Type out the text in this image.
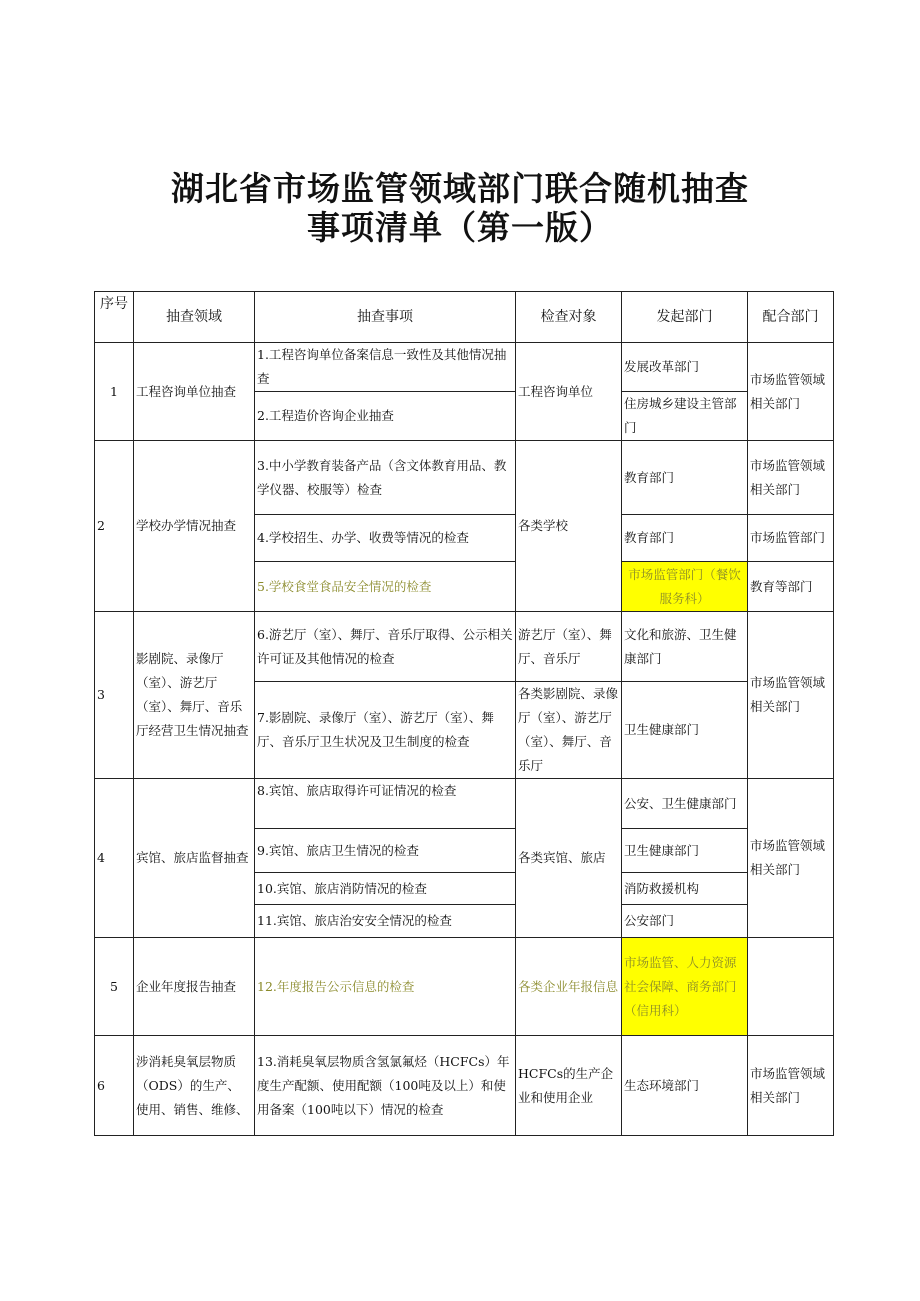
湖北省市场监管领域部门联合随机抽查
事项清单（第一版）
序号	抽查领域	抽查事项	检查对象	发起部门	配合部门
1	工程咨询单位抽查	1.工程咨询单位备案信息一致性及其他情况抽查	工程咨询单位	发展改革部门	市场监管领域相关部门
		2.工程造价咨询企业抽查		住房城乡建设主管部门	
2	学校办学情况抽查	3.中小学教育装备产品（含文体教育用品、教学仪器、校服等）检查	各类学校	教育部门	市场监管领域相关部门
		4.学校招生、办学、收费等情况的检查		教育部门	市场监管部门
		5.学校食堂食品安全情况的检查		市场监管部门（餐饮服务科）	教育等部门
3	影剧院、录像厅（室）、游艺厅（室）、舞厅、音乐厅经营卫生情况抽查	6.游艺厅（室）、舞厅、音乐厅取得、公示相关许可证及其他情况的检查	游艺厅（室）、舞厅、音乐厅	文化和旅游、卫生健康部门	市场监管领域相关部门
		7.影剧院、录像厅（室）、游艺厅（室）、舞厅、音乐厅卫生状况及卫生制度的检查	各类影剧院、录像厅（室）、游艺厅（室）、舞厅、音乐厅	卫生健康部门	
4	宾馆、旅店监督抽查	8.宾馆、旅店取得许可证情况的检查	各类宾馆、旅店	公安、卫生健康部门	市场监管领域相关部门
		9.宾馆、旅店卫生情况的检查		卫生健康部门	
		10.宾馆、旅店消防情况的检查		消防救援机构	
		11.宾馆、旅店治安安全情况的检查		公安部门	
5	企业年度报告抽查	12.年度报告公示信息的检查	各类企业年报信息	市场监管、人力资源社会保障、商务部门（信用科）	
6	涉消耗臭氧层物质（ODS）的生产、使用、销售、维修、	13.消耗臭氧层物质含氢氯氟烃（HCFCs）年度生产配额、使用配额（100吨及以上）和使用备案（100吨以下）情况的检查	HCFCs的生产企业和使用企业	生态环境部门	市场监管领域相关部门
